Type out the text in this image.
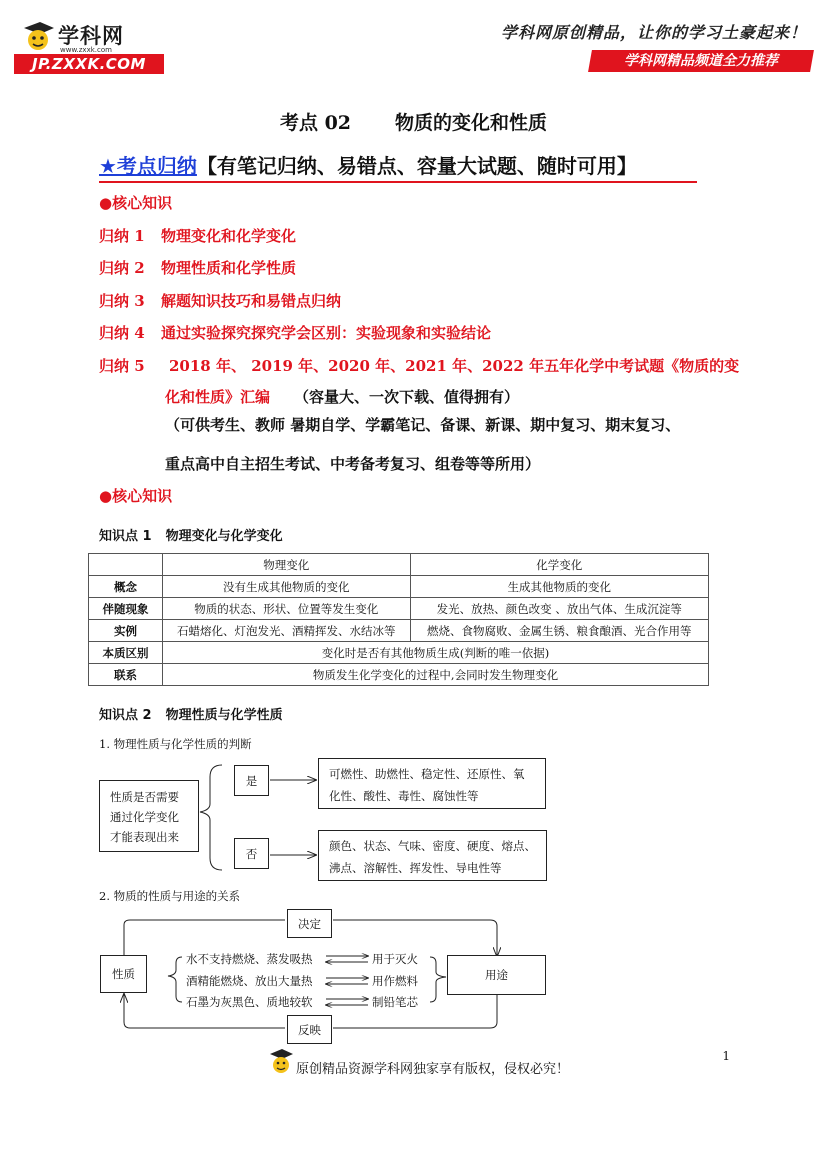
学科网
www.zxxk.com
JP.ZXXK.COM
学科网原创精品，让你的学习土豪起来！
学科网精品频道全力推荐
考点 02 物质的变化和性质
★考点归纳【有笔记归纳、易错点、容量大试题、随时可用】
●核心知识
归纳 1 物理变化和化学变化
归纳 2 物理性质和化学性质
归纳 3 解题知识技巧和易错点归纳
归纳 4 通过实验探究探究学会区别：实验现象和实验结论
归纳 5 2018 年、 2019 年、2020 年、2021 年、2022 年五年化学中考试题《物质的变
化和性质》汇编 （容量大、一次下载、值得拥有）
（可供考生、教师 暑期自学、学霸笔记、备课、新课、期中复习、期末复习、
重点高中自主招生考试、中考备考复习、组卷等等所用）
●核心知识
知识点 1 物理变化与化学变化
	物理变化	化学变化
概念	没有生成其他物质的变化	生成其他物质的变化
伴随现象	物质的状态、形状、位置等发生变化	发光、放热、颜色改变 、放出气体、生成沉淀等
实例	石蜡熔化、灯泡发光、酒精挥发、水结冰等	燃烧、食物腐败、金属生锈、粮食酿酒、光合作用等
本质区别	变化时是否有其他物质生成(判断的唯一依据)	
联系	物质发生化学变化的过程中,会同时发生物理变化	
知识点 2 物理性质与化学性质
1. 物理性质与化学性质的判断
性质是否需要
通过化学变化
才能表现出来
是
否
可燃性、助燃性、稳定性、还原性、氧
化性、酸性、毒性、腐蚀性等
颜色、状态、气味、密度、硬度、熔点、
沸点、溶解性、挥发性、导电性等
2. 物质的性质与用途的关系
决定
反映
性质	用途
水不支持燃烧、蒸发吸热	用于灭火
酒精能燃烧、放出大量热	用作燃料
石墨为灰黑色、质地较软	制铅笔芯
原创精品资源学科网独家享有版权，侵权必究！
1
